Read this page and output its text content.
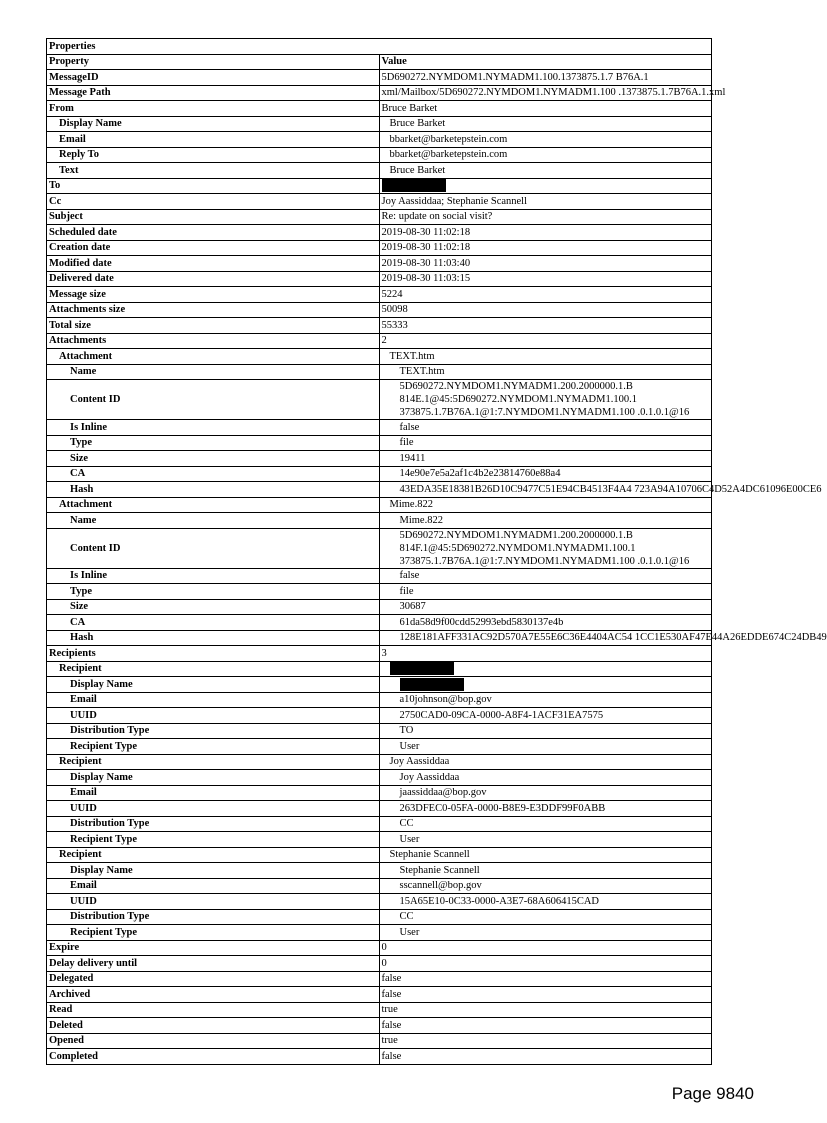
Properties	
Property	Value
MessageID	5D690272.NYMDOM1.NYMADM1.100.1373875.1.7 B76A.1
Message Path	xml/Mailbox/5D690272.NYMDOM1.NYMADM1.100 .1373875.1.7B76A.1.xml
From	Bruce Barket
Display Name	Bruce Barket
Email	bbarket@barketepstein.com
Reply To	bbarket@barketepstein.com
Text	Bruce Barket
To	
Cc	Joy Aassiddaa; Stephanie Scannell
Subject	Re: update on social visit?
Scheduled date	2019-08-30 11:02:18
Creation date	2019-08-30 11:02:18
Modified date	2019-08-30 11:03:40
Delivered date	2019-08-30 11:03:15
Message size	5224
Attachments size	50098
Total size	55333
Attachments	2
Attachment	TEXT.htm
Name	TEXT.htm
Content ID	5D690272.NYMDOM1.NYMADM1.200.2000000.1.B
814E.1@45:5D690272.NYMDOM1.NYMADM1.100.1
373875.1.7B76A.1@1:7.NYMDOM1.NYMADM1.100 .0.1.0.1@16

Is Inline	false
Type	file
Size	19411
CA	14e90e7e5a2af1c4b2e23814760e88a4
Hash	43EDA35E18381B26D10C9477C51E94CB4513F4A4 723A94A10706C4D52A4DC61096E00CE6
Attachment	Mime.822
Name	Mime.822
Content ID	5D690272.NYMDOM1.NYMADM1.200.2000000.1.B
814F.1@45:5D690272.NYMDOM1.NYMADM1.100.1
373875.1.7B76A.1@1:7.NYMDOM1.NYMADM1.100 .0.1.0.1@16

Is Inline	false
Type	file
Size	30687
CA	61da58d9f00cdd52993ebd5830137e4b
Hash	128E181AFF331AC92D570A7E55E6C36E4404AC54 1CC1E530AF47E44A26EDDE674C24DB49
Recipients	3
Recipient	
Display Name	
Email	a10johnson@bop.gov
UUID	2750CAD0-09CA-0000-A8F4-1ACF31EA7575
Distribution Type	TO
Recipient Type	User
Recipient	Joy Aassiddaa
Display Name	Joy Aassiddaa
Email	jaassiddaa@bop.gov
UUID	263DFEC0-05FA-0000-B8E9-E3DDF99F0ABB
Distribution Type	CC
Recipient Type	User
Recipient	Stephanie Scannell
Display Name	Stephanie Scannell
Email	sscannell@bop.gov
UUID	15A65E10-0C33-0000-A3E7-68A606415CAD
Distribution Type	CC
Recipient Type	User
Expire	0
Delay delivery until	0
Delegated	false
Archived	false
Read	true
Deleted	false
Opened	true
Completed	false
Page 9840
